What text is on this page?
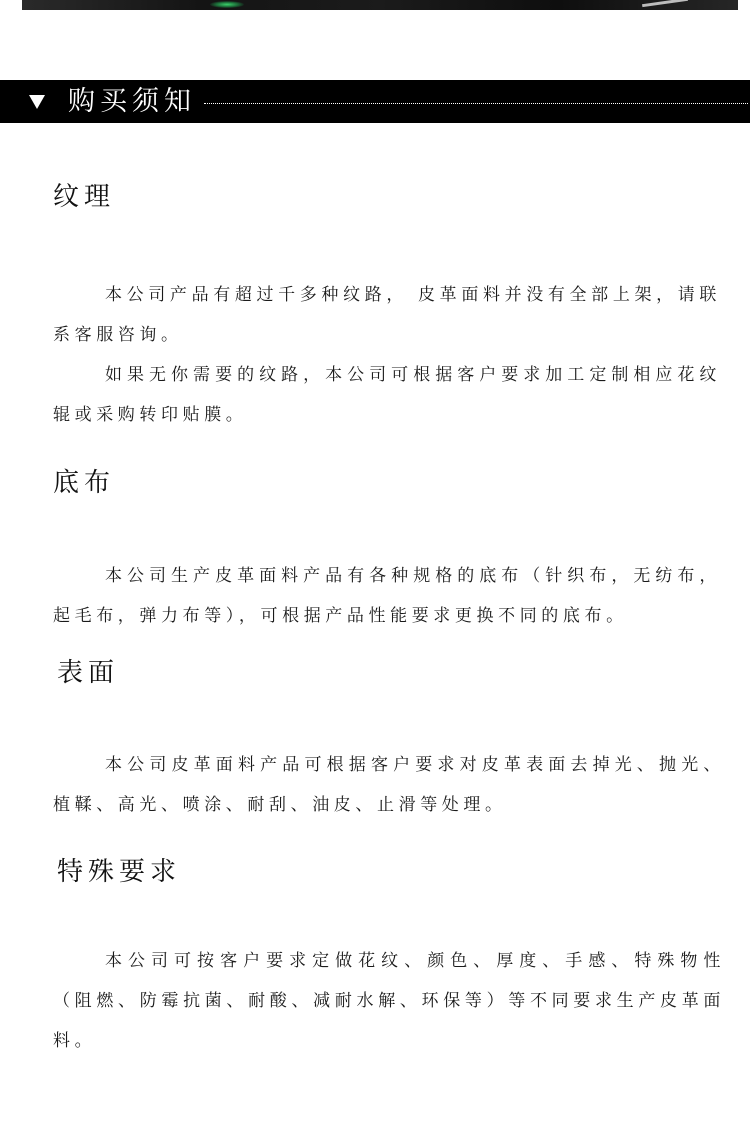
购买须知
纹理

本公司产品有超过千多种纹路， 皮革面料并没有全部上架，请联系客服咨询。

如果无你需要的纹路，本公司可根据客户要求加工定制相应花纹辊或采购转印贴膜。

底布

本公司生产皮革面料产品有各种规格的底布（针织布，无纺布，起毛布，弹力布等），可根据产品性能要求更换不同的底布。

表面

本公司皮革面料产品可根据客户要求对皮革表面去掉光、抛光、植鞣、高光、喷涂、耐刮、油皮、止滑等处理。

特殊要求

本公司可按客户要求定做花纹、颜色、厚度、手感、特殊物性（阻燃、防霉抗菌、耐酸、减耐水解、环保等）等不同要求生产皮革面料。
